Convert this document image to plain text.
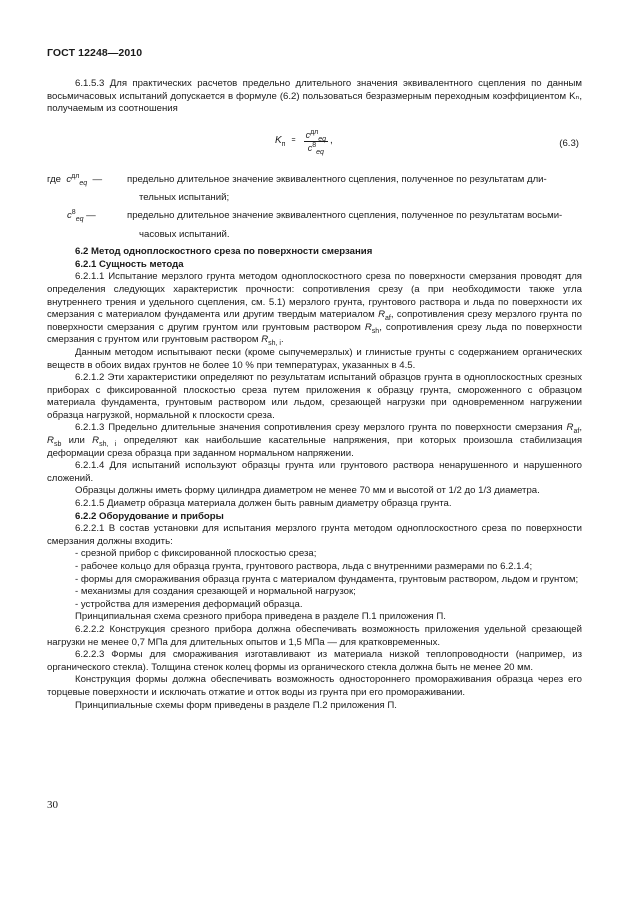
ГОСТ 12248—2010

6.1.5.3 Для практических расчетов предельно длительного значения эквивалентного сцепления по данным восьмичасовых испытаний допускается в формуле (6.2) пользоваться безразмерным переходным коэффициентом Kₙ, получаемым из соотношения

$K_п$
= $\frac{c^{дл}_{eq}}{c^8_{eq}}$ ,	(6.3)
где  $c^{дл}_{eq}$  —	предельно длительное значение эквивалентного сцепления, полученное по результатам дли-
тельных испытаний;
$c^8_{eq}$ —	предельно длительное значение эквивалентного сцепления, полученное по результатам восьми-
часовых испытаний.

6.2 Метод одноплоскостного среза по поверхности смерзания

6.2.1 Сущность метода

6.2.1.1 Испытание мерзлого грунта методом одноплоскостного среза по поверхности смерзания проводят для определения следующих характеристик прочности: сопротивления срезу (а при необходимости также угла внутреннего трения и удельного сцепления, см. 5.1) мерзлого грунта, грунтового раствора и льда по поверхности их смерзания с материалом фундамента или другим твердым материалом $R_{af}$, сопротивления срезу мерзлого грунта по поверхности смерзания с другим грунтом или грунтовым раствором $R_{sh}$, сопротивления срезу льда по поверхности смерзания с грунтом или грунтовым раствором $R_{sh, i}$.

Данным методом испытывают пески (кроме сыпучемерзлых) и глинистые грунты с содержанием органических веществ в обоих видах грунтов не более 10 % при температурах, указанных в 4.5.

6.2.1.2 Эти характеристики определяют по результатам испытаний образцов грунта в одноплоскостных срезных приборах с фиксированной плоскостью среза путем приложения к образцу грунта, смороженного с образцом материала фундамента, грунтовым раствором или льдом, срезающей нагрузки при одновременном нагружении образца нагрузкой, нормальной к плоскости среза.

6.2.1.3 Предельно длительные значения сопротивления срезу мерзлого грунта по поверхности смерзания $R_{af}$, $R_{sb}$ или $R_{sh, i}$ определяют как наибольшие касательные напряжения, при которых произошла стабилизация деформации среза образца при заданном нормальном напряжении.

6.2.1.4 Для испытаний используют образцы грунта или грунтового раствора ненарушенного и нарушенного сложений.

Образцы должны иметь форму цилиндра диаметром не менее 70 мм и высотой от 1/2 до 1/3 диаметра.

6.2.1.5 Диаметр образца материала должен быть равным диаметру образца грунта.

6.2.2 Оборудование и приборы

6.2.2.1 В состав установки для испытания мерзлого грунта методом одноплоскостного среза по поверхности смерзания должны входить:

- срезной прибор с фиксированной плоскостью среза;

- рабочее кольцо для образца грунта, грунтового раствора, льда с внутренними размерами по 6.2.1.4;

- формы для смораживания образца грунта с материалом фундамента, грунтовым раствором, льдом и грунтом;

- механизмы для создания срезающей и нормальной нагрузок;

- устройства для измерения деформаций образца.

Принципиальная схема срезного прибора приведена в разделе П.1 приложения П.

6.2.2.2 Конструкция срезного прибора должна обеспечивать возможность приложения удельной срезающей нагрузки не менее 0,7 МПа для длительных опытов и 1,5 МПа — для кратковременных.

6.2.2.3 Формы для смораживания изготавливают из материала низкой теплопроводности (например, из органического стекла). Толщина стенок колец формы из органического стекла должна быть не менее 20 мм.

Конструкция формы должна обеспечивать возможность одностороннего промораживания образца через его торцевые поверхности и исключать отжатие и отток воды из грунта при его промораживании.

Принципиальные схемы форм приведены в разделе П.2 приложения П.

30
